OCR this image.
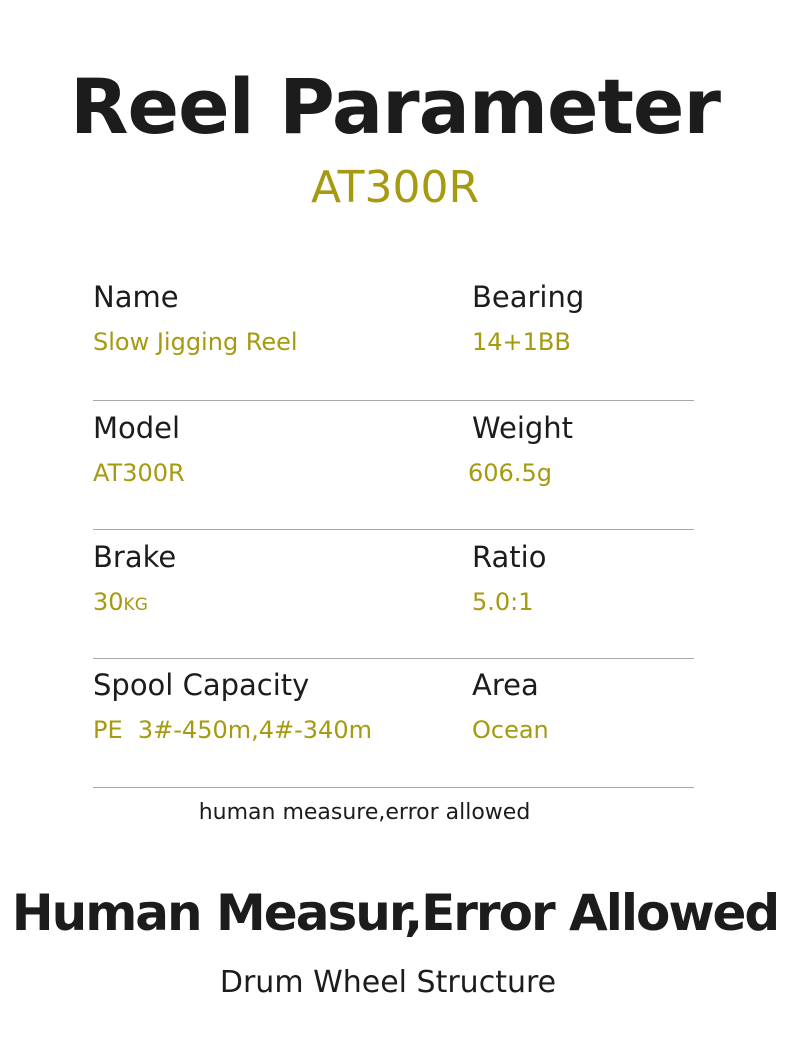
Reel Parameter
AT300R
Name
Slow Jigging Reel
Bearing
14+1BB
Model
AT300R
Weight
606.5g
Brake
30KG
Ratio
5.0:1
Spool Capacity
PE  3#-450m,4#-340m
Area
Ocean
human measure,error allowed
Human Measur,Error Allowed
Drum Wheel Structure
